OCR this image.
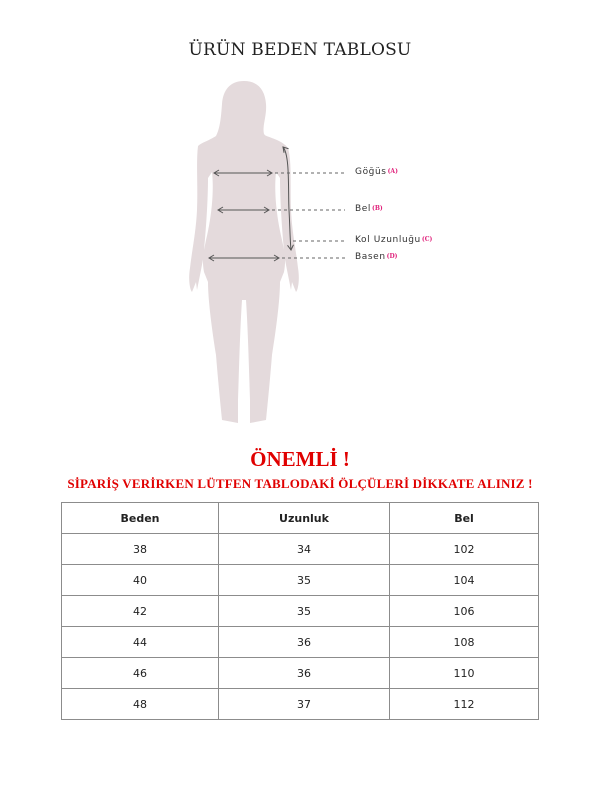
ÜRÜN BEDEN TABLOSU
Göğüs(A)
Bel(B)
Kol Uzunluğu(C)
Basen(D)
ÖNEMLİ !
SİPARİŞ VERİRKEN LÜTFEN TABLODAKİ ÖLÇÜLERİ DİKKATE ALINIZ !
Beden	Uzunluk	Bel
38	34	102
40	35	104
42	35	106
44	36	108
46	36	110
48	37	112
